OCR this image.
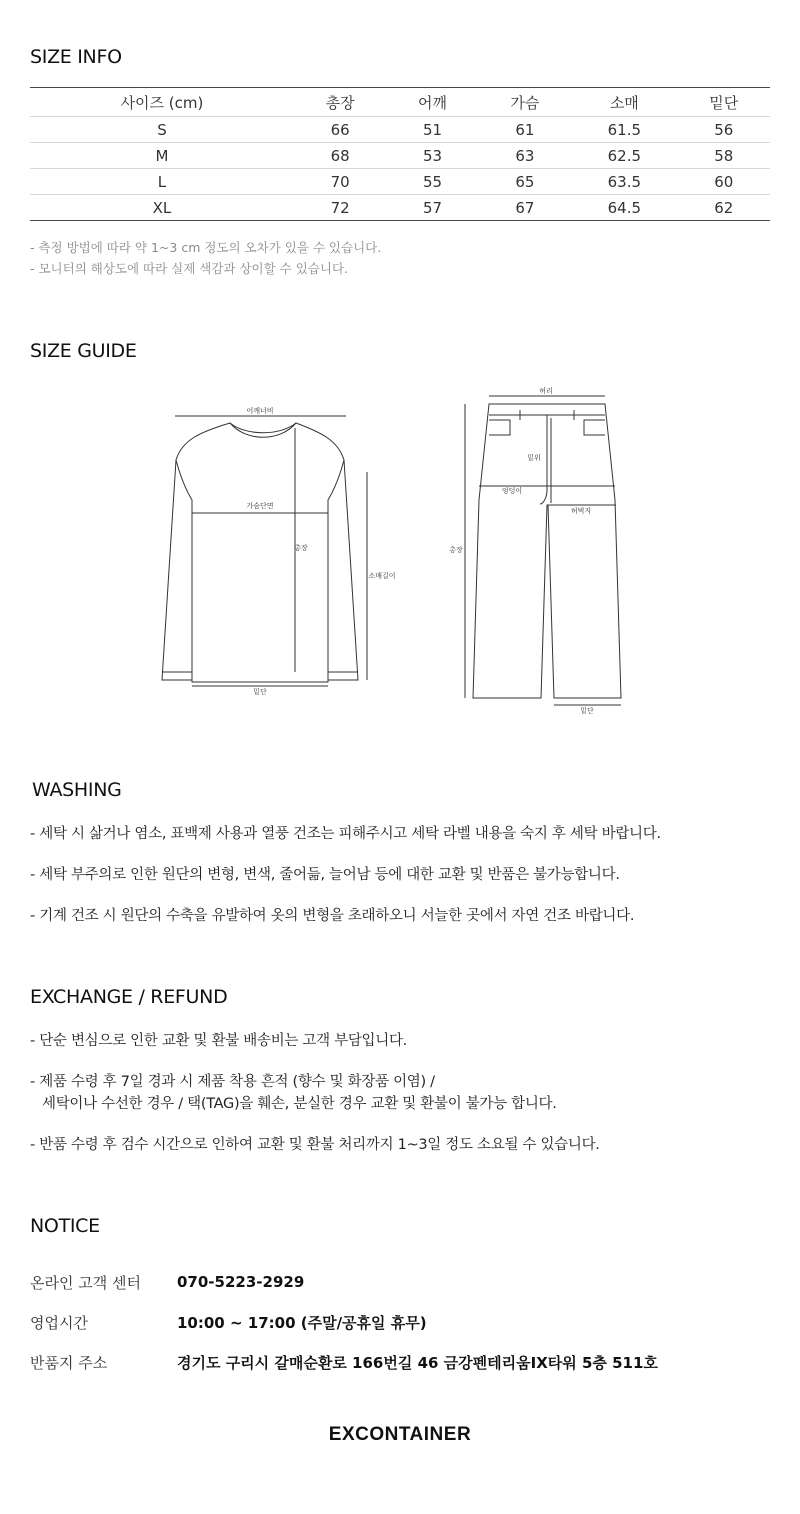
SIZE INFO
사이즈 (cm)	총장	어깨	가슴	소매	밑단
S	66	51	61	61.5	56
M	68	53	63	62.5	58
L	70	55	65	63.5	60
XL	72	57	67	64.5	62
- 측정 방법에 따라 약 1~3 cm 정도의 오차가 있을 수 있습니다.
- 모니터의 해상도에 따라 실제 색감과 상이할 수 있습니다.
SIZE GUIDE
어깨너비
가슴단면
총장
소매길이
밑단
허리
밑위
엉덩이
허벅지
총장
밑단
WASHING

- 세탁 시 삶거나 염소, 표백제 사용과 열풍 건조는 피해주시고 세탁 라벨 내용을 숙지 후 세탁 바랍니다.

- 세탁 부주의로 인한 원단의 변형, 변색, 줄어듦, 늘어남 등에 대한 교환 및 반품은 불가능합니다.

- 기계 건조 시 원단의 수축을 유발하여 옷의 변형을 초래하오니 서늘한 곳에서 자연 건조 바랍니다.

EXCHANGE / REFUND

- 단순 변심으로 인한 교환 및 환불 배송비는 고객 부담입니다.

- 제품 수령 후 7일 경과 시 제품 착용 흔적 (향수 및 화장품 이염) /
세탁이나 수선한 경우 / 택(TAG)을 훼손, 분실한 경우 교환 및 환불이 불가능 합니다.

- 반품 수령 후 검수 시간으로 인하여 교환 및 환불 처리까지 1~3일 정도 소요될 수 있습니다.

NOTICE
온라인 고객 센터	070-5223-2929
영업시간	10:00 ~ 17:00 (주말/공휴일 휴무)
반품지 주소	경기도 구리시 갈매순환로 166번길 46 금강펜테리움IX타워 5층 511호
EXCONTAINER
